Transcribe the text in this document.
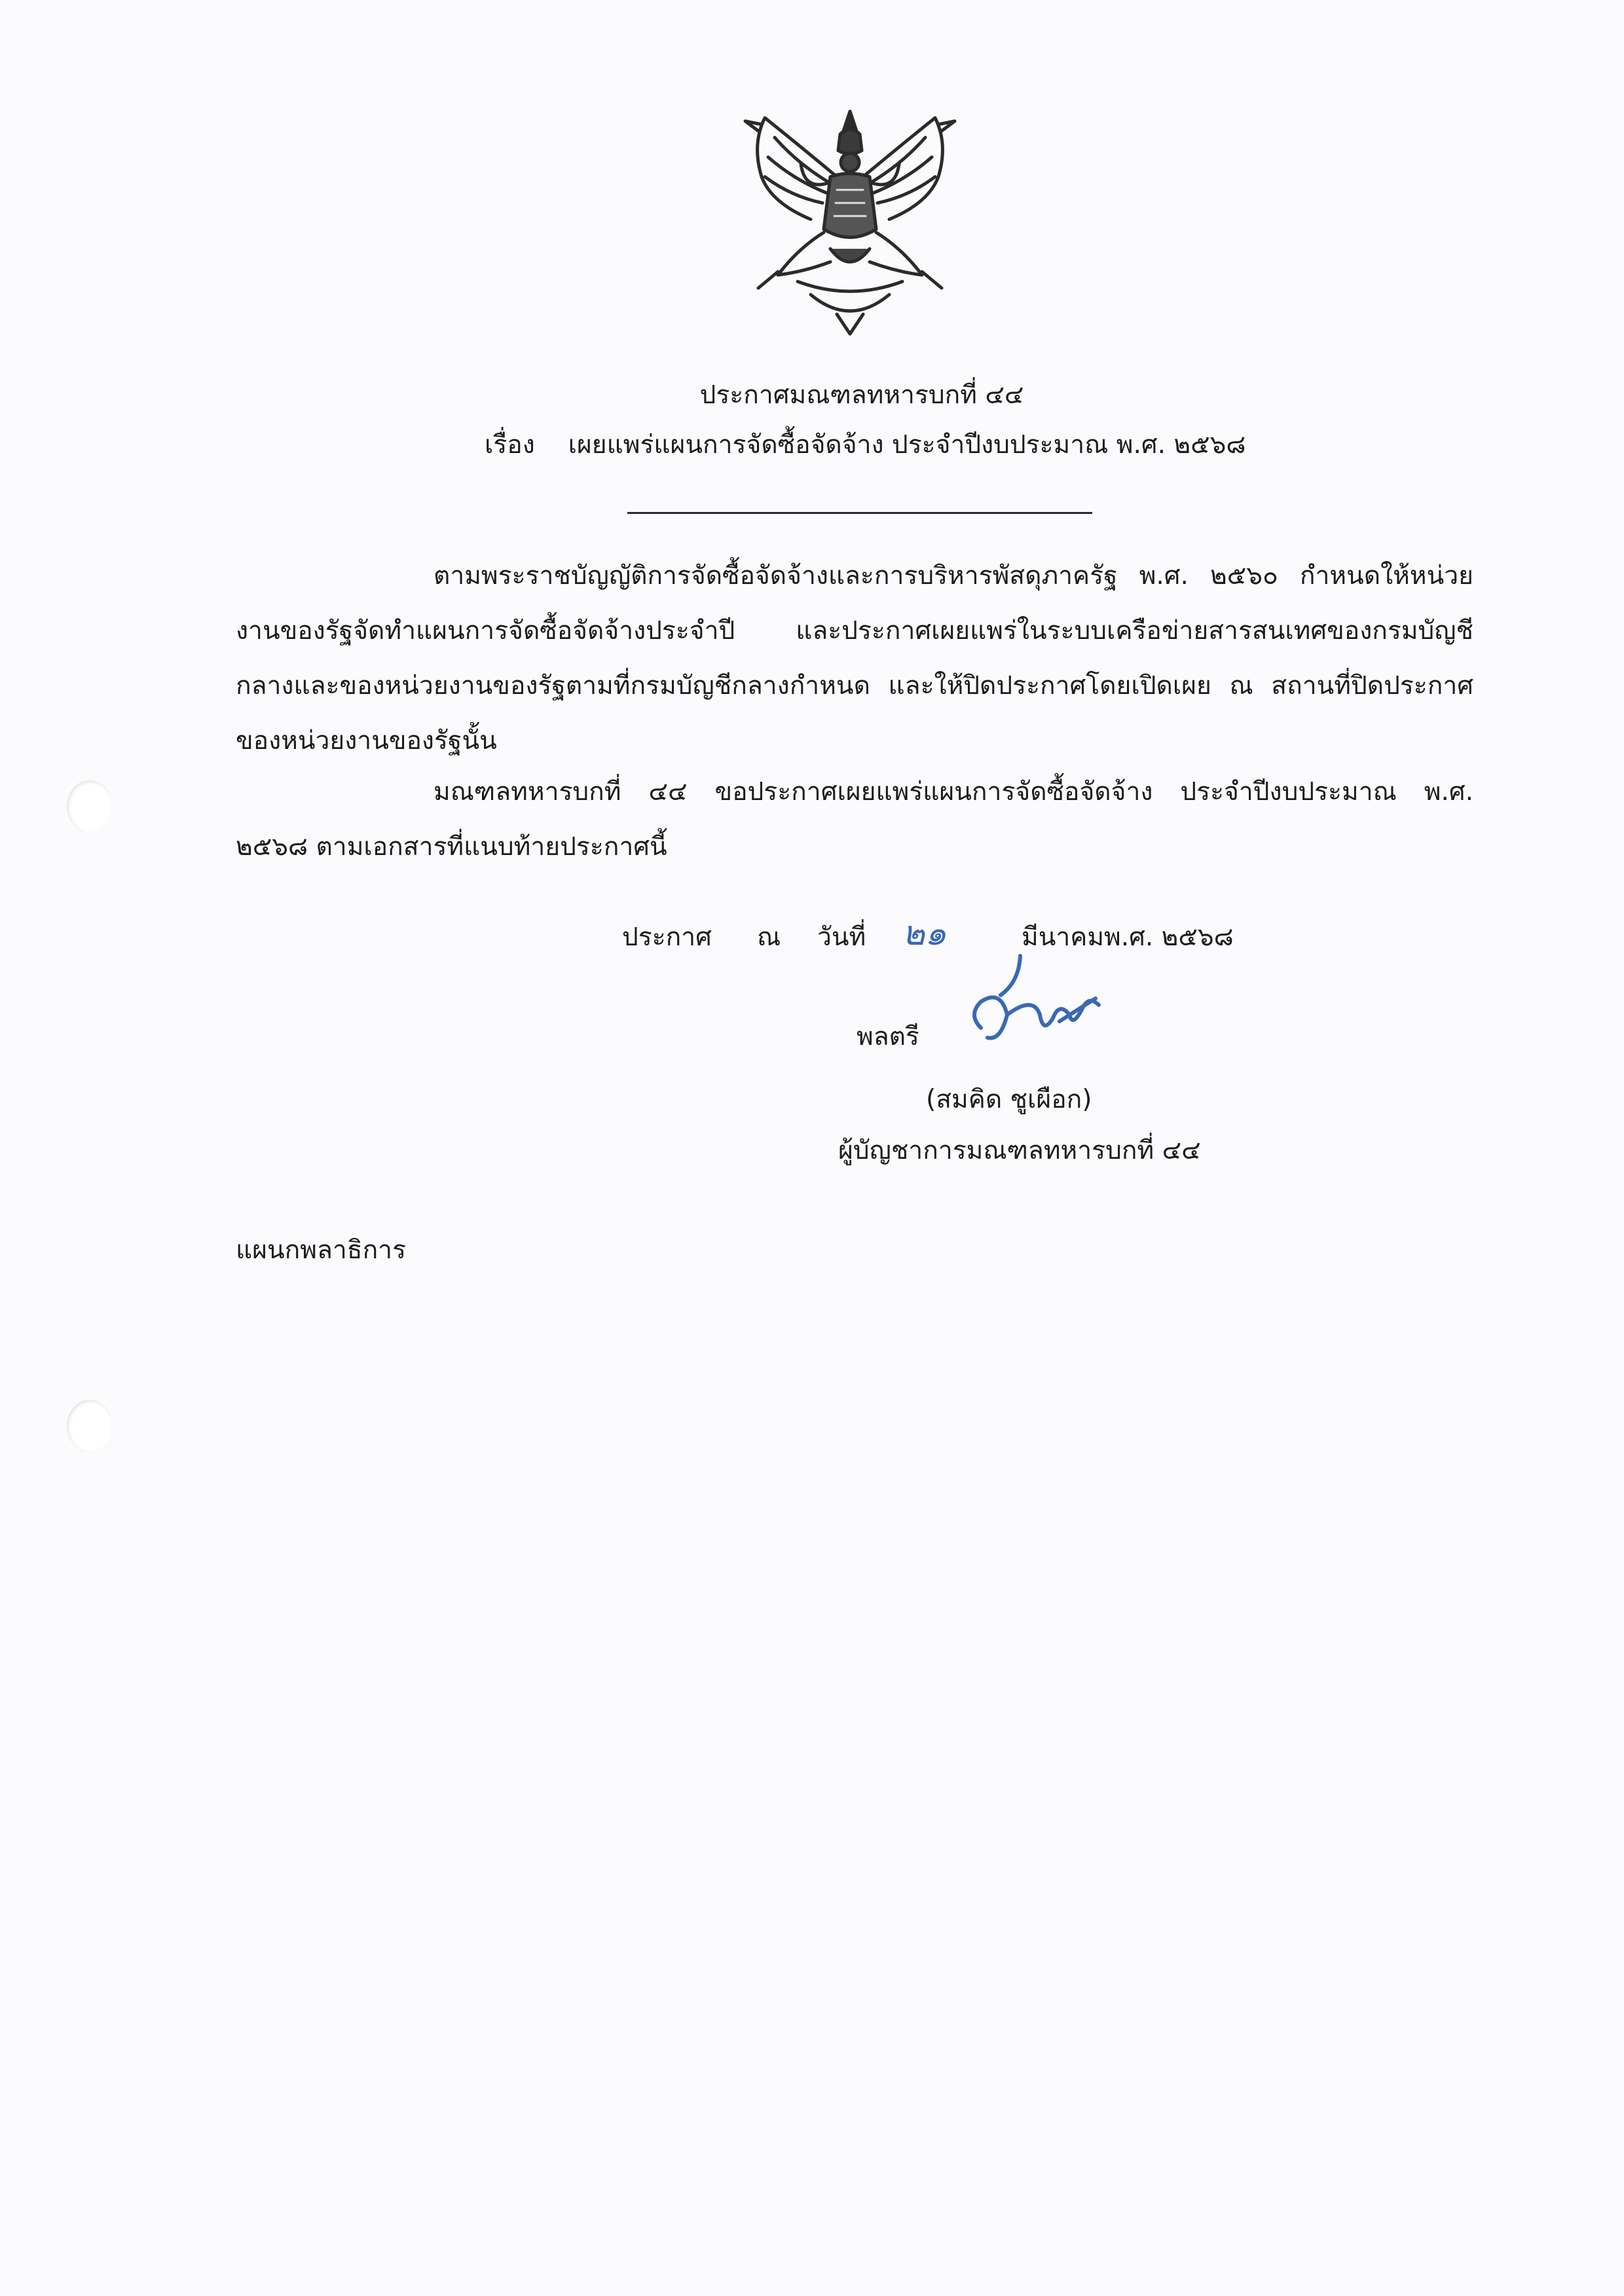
ประกาศมณฑลทหารบกที่ ๔๔
เรื่อง เผยแพร่แผนการจัดซื้อจัดจ้าง ประจำปีงบประมาณ พ.ศ. ๒๕๖๘

ตามพระราชบัญญัติการจัดซื้อจัดจ้างและการบริหารพัสดุภาครัฐ พ.ศ. ๒๕๖๐ กำหนดให้หน่วยงานของรัฐจัดทำแผนการจัดซื้อจัดจ้างประจำปี และประกาศเผยแพร่ในระบบเครือข่ายสารสนเทศของกรมบัญชีกลางและของหน่วยงานของรัฐตามที่กรมบัญชีกลางกำหนด และให้ปิดประกาศโดยเปิดเผย ณ สถานที่ปิดประกาศของหน่วยงานของรัฐนั้น

มณฑลทหารบกที่ ๔๔ ขอประกาศเผยแพร่แผนการจัดซื้อจัดจ้าง ประจำปีงบประมาณ พ.ศ. ๒๕๖๘ ตามเอกสารที่แนบท้ายประกาศนี้

ประกาศ ณ วันที่ ๒๑	มีนาคม พ.ศ. ๒๕๖๘
พลตรี
(สมคิด ชูเผือก)
ผู้บัญชาการมณฑลทหารบกที่ ๔๔
แผนกพลาธิการ
